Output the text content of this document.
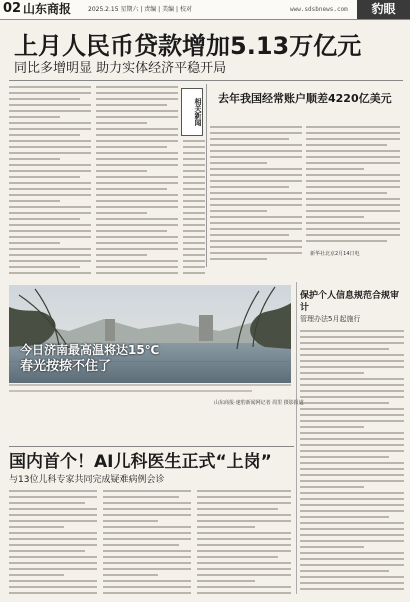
02 山东商报	2025.2.15 星期六 | 责编 | 美编 | 校对	www.sdsbnews.com	豹眼
上月人民币贷款增加5.13万亿元
同比多增明显 助力实体经济平稳开局
相关新闻 去年我国经常账户顺差4220亿美元
新华社北京2月14日电
保护个人信息规范合规审计
管理办法5月起施行
今日济南最高温将达15℃
春光按捺不住了
山东商报·速豹新闻网记者 周里 摄影报道
国内首个！AI儿科医生正式“上岗”
与13位儿科专家共同完成疑难病例会诊
